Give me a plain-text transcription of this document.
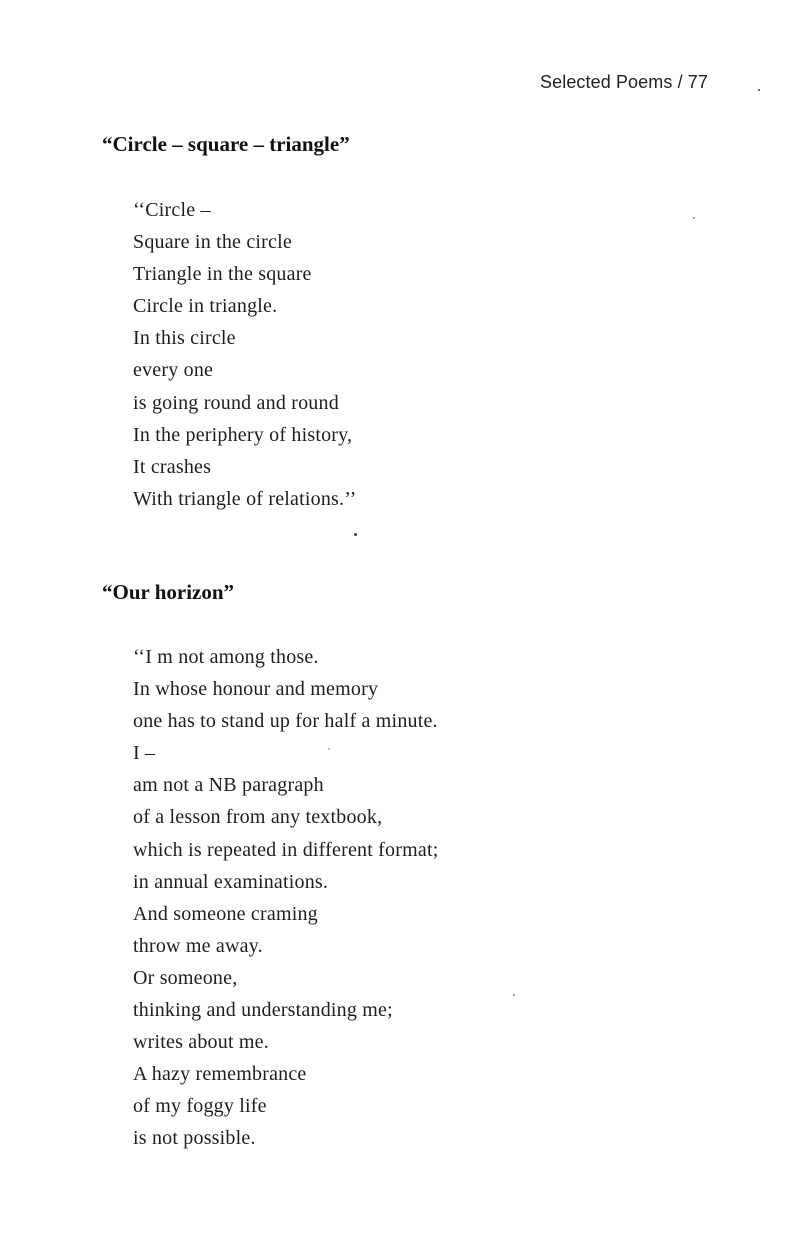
Selected Poems / 77
“Circle – square – triangle”
‘‘Circle –
Square in the circle
Triangle in the square
Circle in triangle.
In this circle
every one
is going round and round
In the periphery of history,
It crashes
With triangle of relations.’’
“Our horizon”
‘‘I m not among those.
In whose honour and memory
one has to stand up for half a minute.
I –
am not a NB paragraph
of a lesson from any textbook,
which is repeated in different format;
in annual examinations.
And someone craming
throw me away.
Or someone,
thinking and understanding me;
writes about me.
A hazy remembrance
of my foggy life
is not possible.
